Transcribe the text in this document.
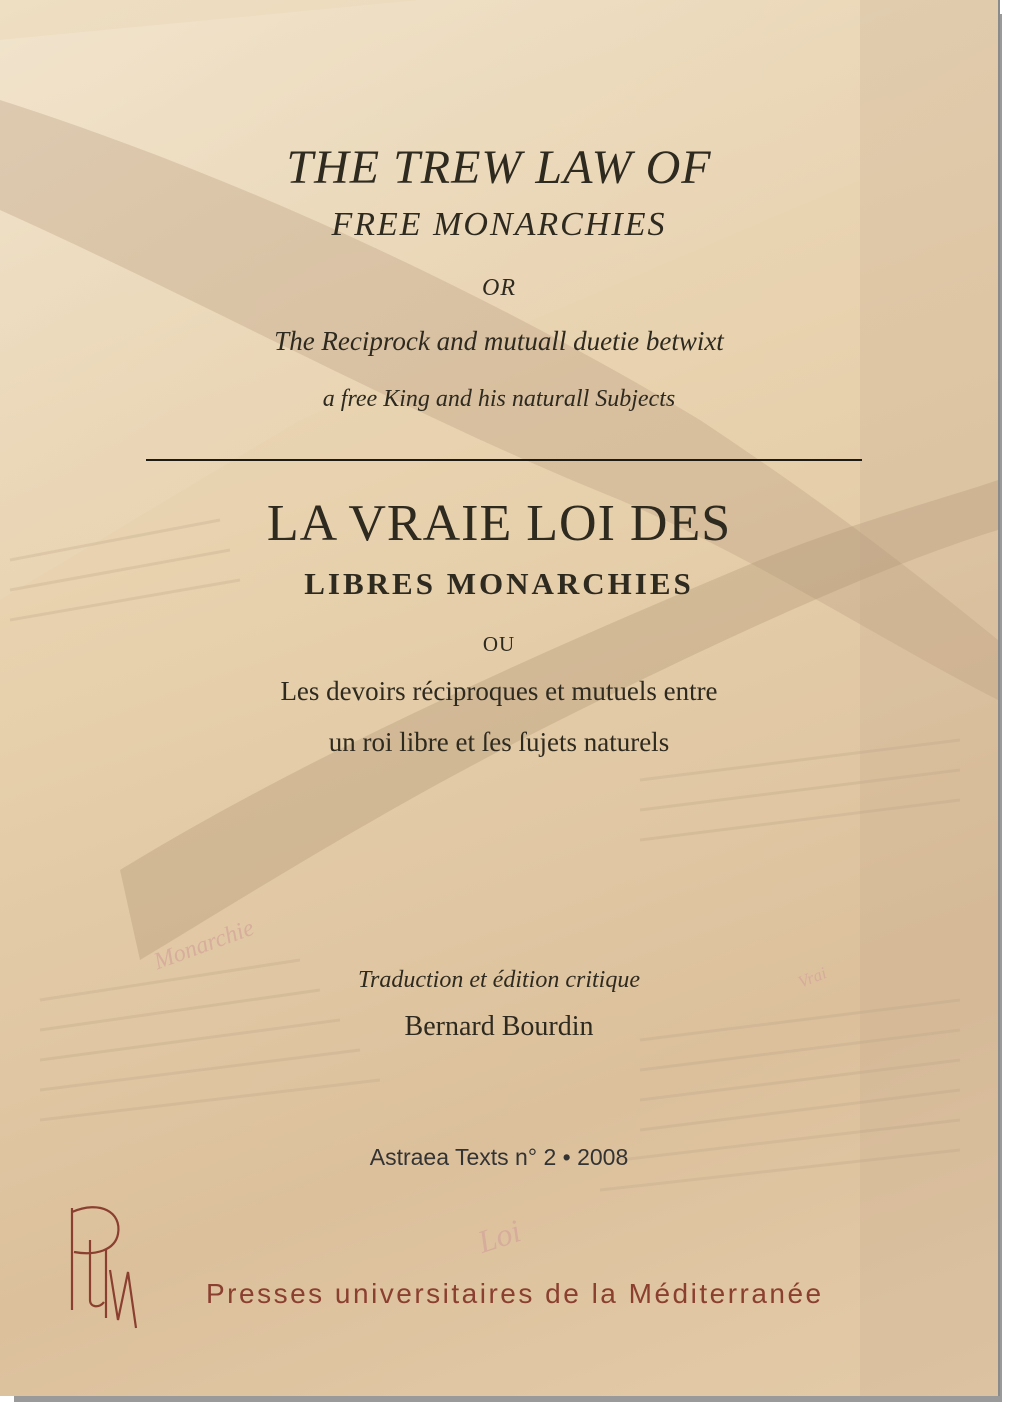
Monarchie
Vrai
Loi
THE TREW LAW OF
FREE MONARCHIES
OR
The Reciprock and mutuall duetie betwixt
a free King and his naturall Subjects
LA VRAIE LOI DES
LIBRES MONARCHIES
OU
Les devoirs réciproques et mutuels entre
un roi libre et ſes ſujets naturels
Traduction et édition critique
Bernard Bourdin
Astraea Texts n° 2 • 2008
Presses universitaires de la Méditerranée
